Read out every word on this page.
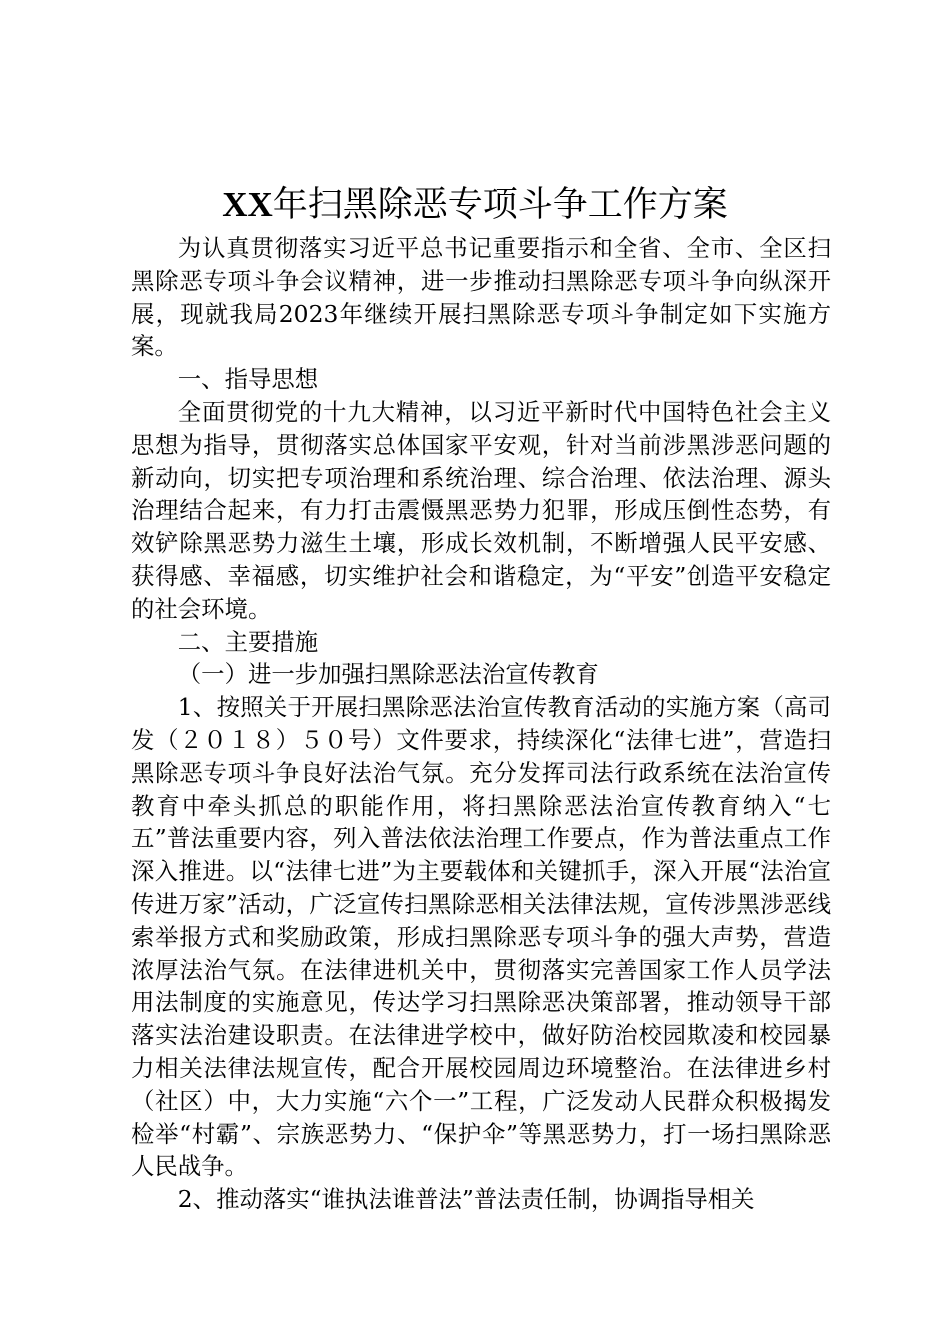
XX年扫黑除恶专项斗争工作方案

为认真贯彻落实习近平总书记重要指示和全省、全市、全区扫黑除恶专项斗争会议精神，进一步推动扫黑除恶专项斗争向纵深开展，现就我局2023年继续开展扫黑除恶专项斗争制定如下实施方案。

一、指导思想

全面贯彻党的十九大精神，以习近平新时代中国特色社会主义思想为指导，贯彻落实总体国家平安观，针对当前涉黑涉恶问题的新动向，切实把专项治理和系统治理、综合治理、依法治理、源头治理结合起来，有力打击震慑黑恶势力犯罪，形成压倒性态势，有效铲除黑恶势力滋生土壤，形成长效机制，不断增强人民平安感、获得感、幸福感，切实维护社会和谐稳定，为“平安”创造平安稳定的社会环境。

二、主要措施

（一）进一步加强扫黑除恶法治宣传教育

1、按照关于开展扫黑除恶法治宣传教育活动的实施方案（高司发（２０１８）５０号）文件要求，持续深化“法律七进”，营造扫黑除恶专项斗争良好法治气氛。充分发挥司法行政系统在法治宣传教育中牵头抓总的职能作用，将扫黑除恶法治宣传教育纳入“七五”普法重要内容，列入普法依法治理工作要点，作为普法重点工作深入推进。以“法律七进”为主要载体和关键抓手，深入开展“法治宣传进万家”活动，广泛宣传扫黑除恶相关法律法规，宣传涉黑涉恶线索举报方式和奖励政策，形成扫黑除恶专项斗争的强大声势，营造浓厚法治气氛。在法律进机关中，贯彻落实完善国家工作人员学法用法制度的实施意见，传达学习扫黑除恶决策部署，推动领导干部落实法治建设职责。在法律进学校中，做好防治校园欺凌和校园暴力相关法律法规宣传，配合开展校园周边环境整治。在法律进乡村（社区）中，大力实施“六个一”工程，广泛发动人民群众积极揭发检举“村霸”、宗族恶势力、“保护伞”等黑恶势力，打一场扫黑除恶人民战争。

2、推动落实“谁执法谁普法”普法责任制，协调指导相关
